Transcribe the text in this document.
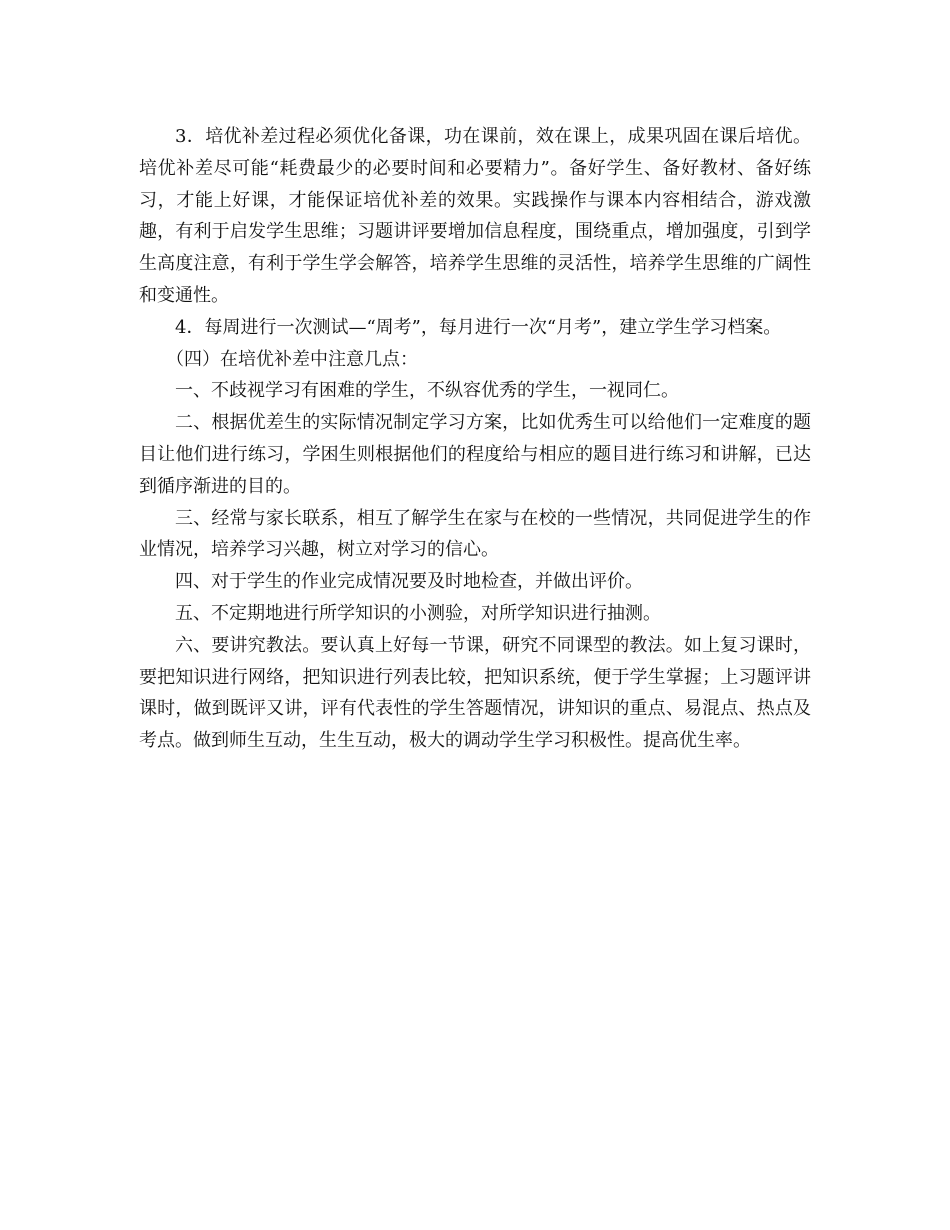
3．培优补差过程必须优化备课，功在课前，效在课上，成果巩固在课后培优。培优补差尽可能“耗费最少的必要时间和必要精力”。备好学生、备好教材、备好练习，才能上好课，才能保证培优补差的效果。实践操作与课本内容相结合，游戏激趣，有利于启发学生思维；习题讲评要增加信息程度，围绕重点，增加强度，引到学生高度注意，有利于学生学会解答，培养学生思维的灵活性，培养学生思维的广阔性和变通性。

4．每周进行一次测试—“周考”，每月进行一次“月考”，建立学生学习档案。

（四）在培优补差中注意几点：

一、不歧视学习有困难的学生，不纵容优秀的学生，一视同仁。

二、根据优差生的实际情况制定学习方案，比如优秀生可以给他们一定难度的题目让他们进行练习，学困生则根据他们的程度给与相应的题目进行练习和讲解，已达到循序渐进的目的。

三、经常与家长联系，相互了解学生在家与在校的一些情况，共同促进学生的作业情况，培养学习兴趣，树立对学习的信心。

四、对于学生的作业完成情况要及时地检查，并做出评价。

五、不定期地进行所学知识的小测验，对所学知识进行抽测。

六、要讲究教法。要认真上好每一节课，研究不同课型的教法。如上复习课时，要把知识进行网络，把知识进行列表比较，把知识系统，便于学生掌握；上习题评讲课时，做到既评又讲，评有代表性的学生答题情况，讲知识的重点、易混点、热点及考点。做到师生互动，生生互动，极大的调动学生学习积极性。提高优生率。
